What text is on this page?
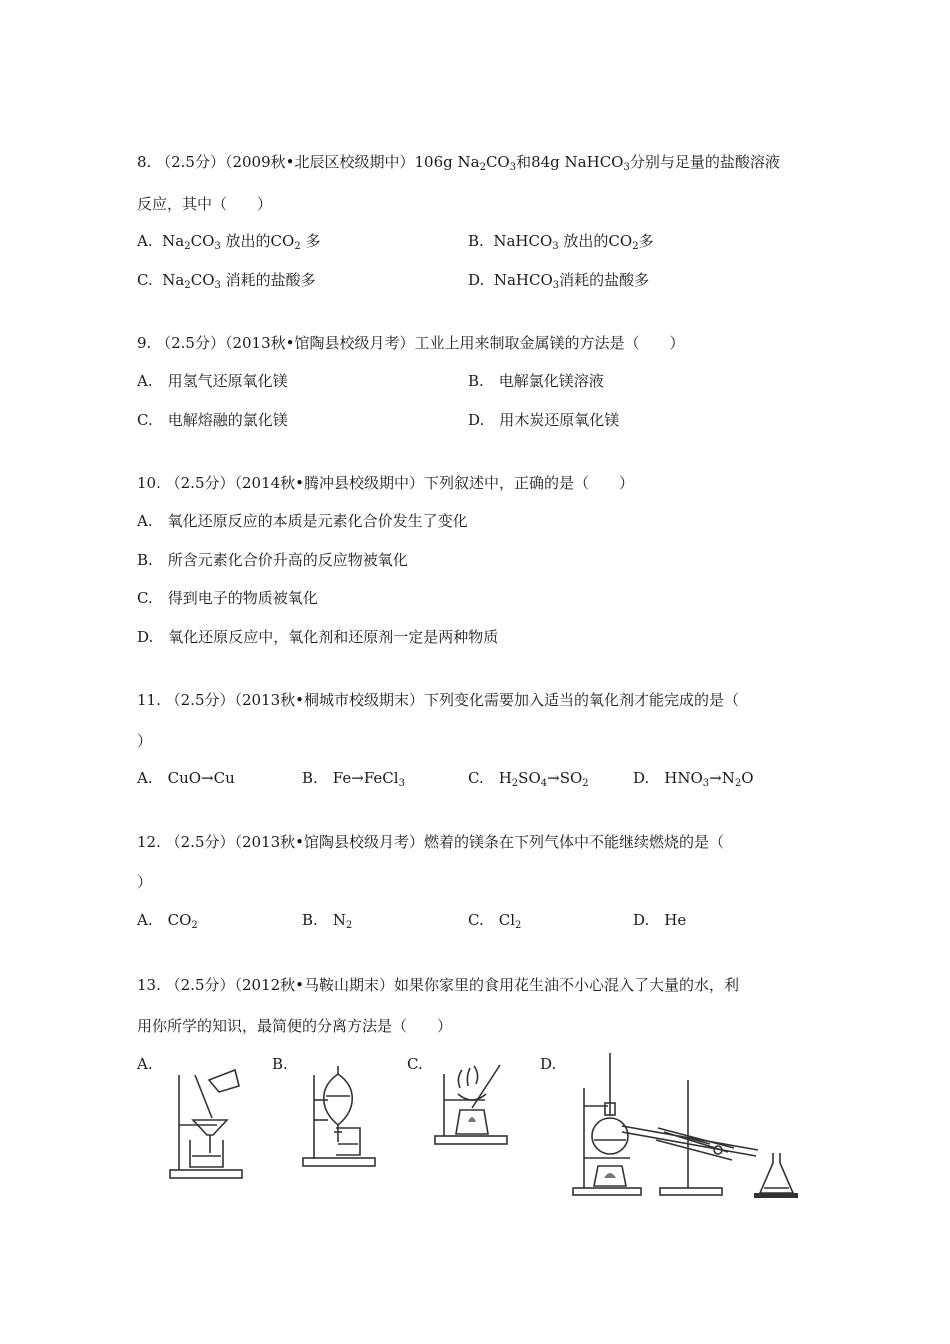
8. （2.5分）（2009秋•北辰区校级期中）106g $Na_2CO_3$和84g NaHCO$_3$分别与足量的盐酸溶液
反应，其中（　　）
A. $Na_2CO_3$ 放出的$CO_2$ 多	B. NaHCO$_3$ 放出的$CO_2$多
C. $Na_2CO_3$ 消耗的盐酸多	D. NaHCO$_3$消耗的盐酸多
9. （2.5分）（2013秋•馆陶县校级月考）工业上用来制取金属镁的方法是（　　）
A.　用氢气还原氧化镁	B.　电解氯化镁溶液
C.　电解熔融的氯化镁	D.　用木炭还原氧化镁
10. （2.5分）（2014秋•腾冲县校级期中）下列叙述中，正确的是（　　）
A.　氧化还原反应的本质是元素化合价发生了变化
B.　所含元素化合价升高的反应物被氧化
C.　得到电子的物质被氧化
D.　氧化还原反应中，氧化剂和还原剂一定是两种物质
11. （2.5分）（2013秋•桐城市校级期末）下列变化需要加入适当的氧化剂才能完成的是（
）
A.　CuO→Cu	B.　Fe→FeCl$_3$	C.　$H_2SO_4\to SO_2$	D.　$HNO_3\to N_2O$
12. （2.5分）（2013秋•馆陶县校级月考）燃着的镁条在下列气体中不能继续燃烧的是（
）
A.　$CO_2$	B.　$N_2$	C.　$Cl_2$	D.　He
13. （2.5分）（2012秋•马鞍山期末）如果你家里的食用花生油不小心混入了大量的水，利
用你所学的知识，最简便的分离方法是（　　）
A.	B.	C.	D.
